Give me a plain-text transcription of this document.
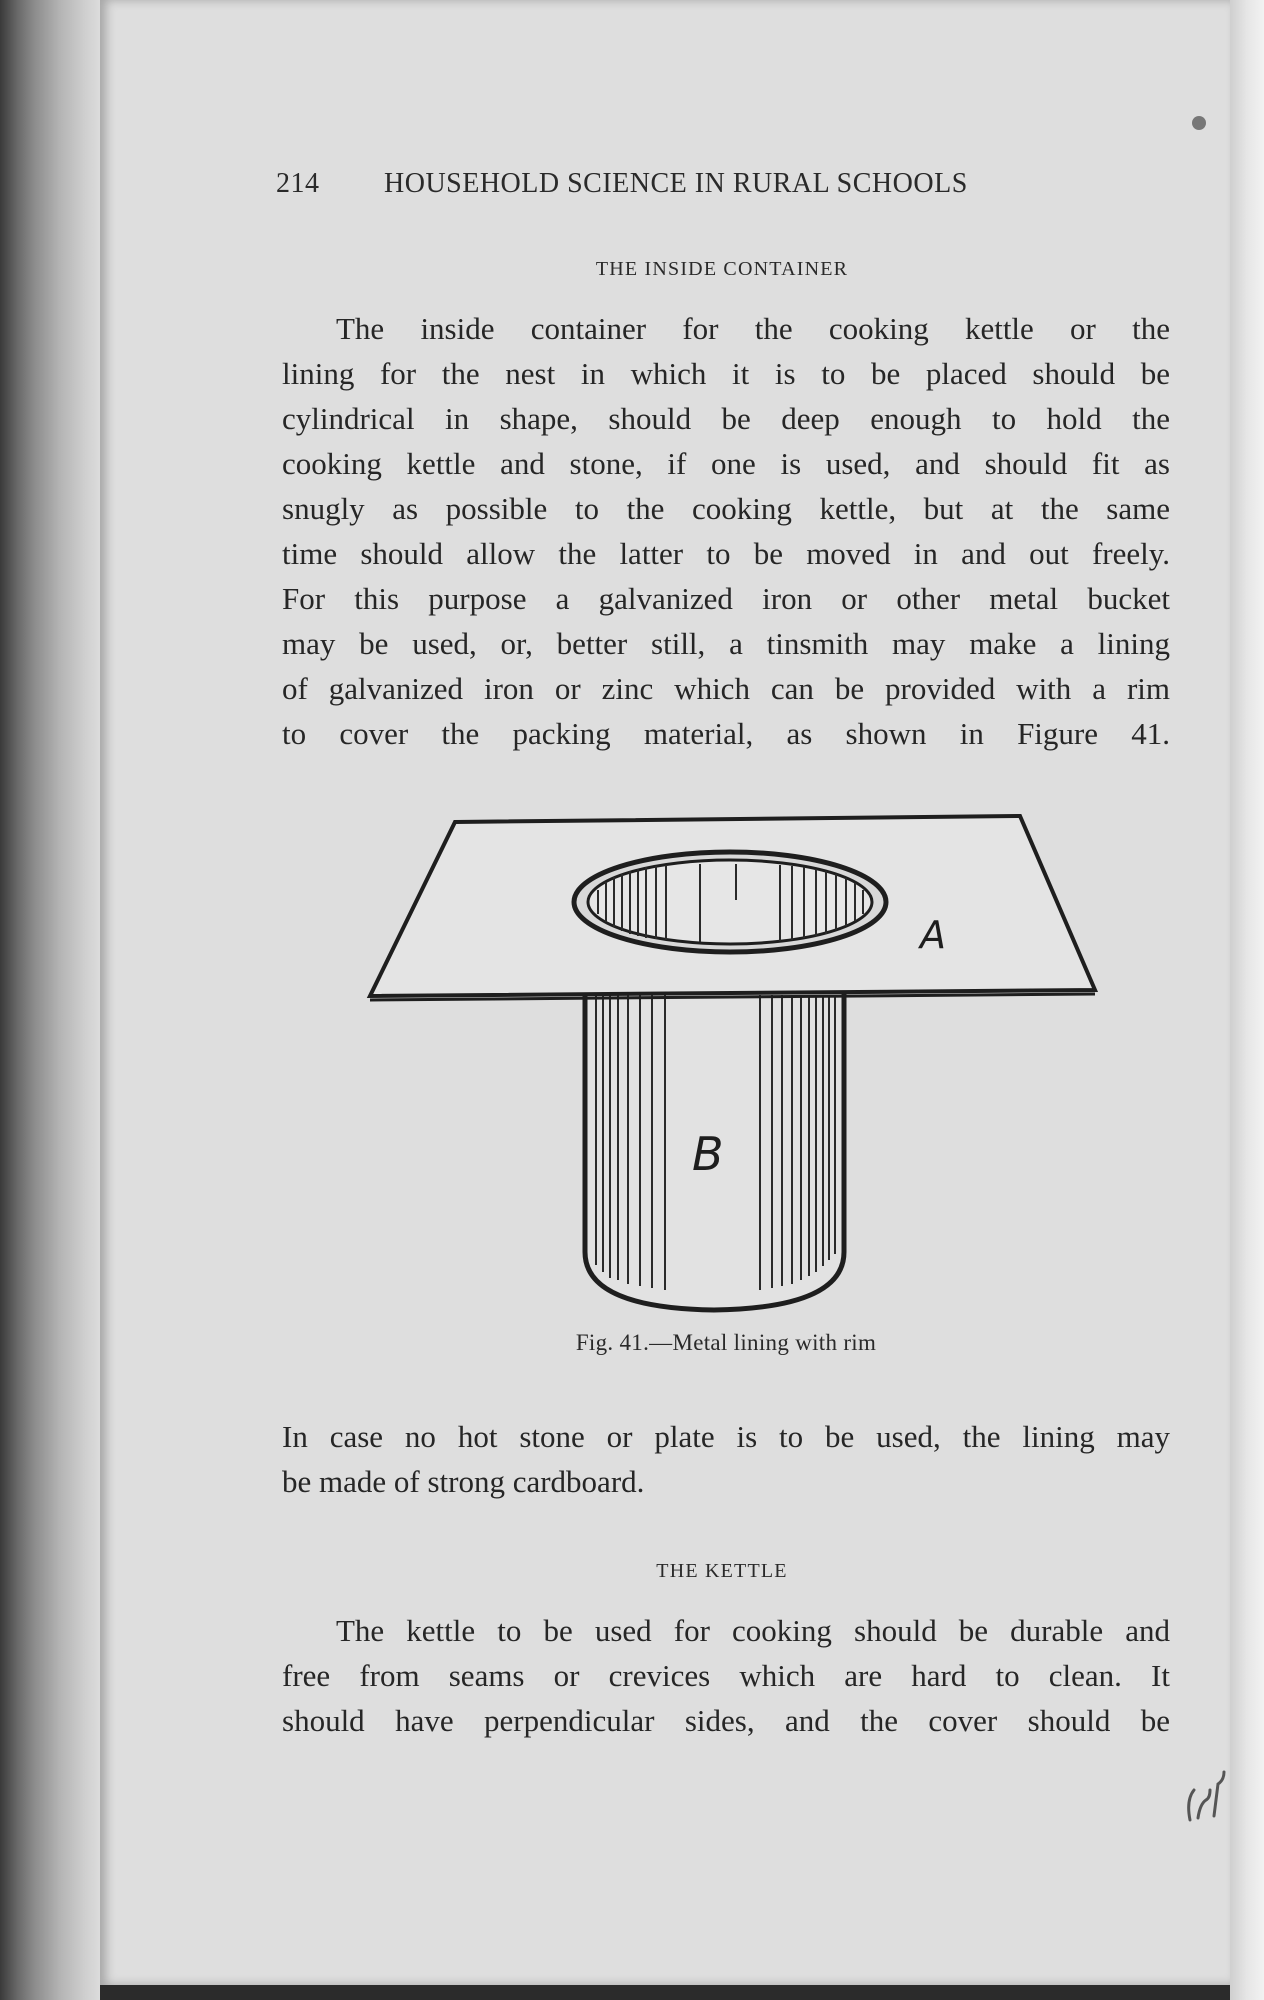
214 HOUSEHOLD SCIENCE IN RURAL SCHOOLS
THE INSIDE CONTAINER
The inside container for the cooking kettle or the
lining for the nest in which it is to be placed should be
cylindrical in shape, should be deep enough to hold the
cooking kettle and stone, if one is used, and should fit as
snugly as possible to the cooking kettle, but at the same
time should allow the latter to be moved in and out freely.
For this purpose a galvanized iron or other metal bucket
may be used, or, better still, a tinsmith may make a lining
of galvanized iron or zinc which can be provided with a rim
to cover the packing material, as shown in Figure 41.
B
A
Fig. 41.—Metal lining with rim
In case no hot stone or plate is to be used, the lining may
be made of strong cardboard.
THE KETTLE
The kettle to be used for cooking should be durable and
free from seams or crevices which are hard to clean. It
should have perpendicular sides, and the cover should be
